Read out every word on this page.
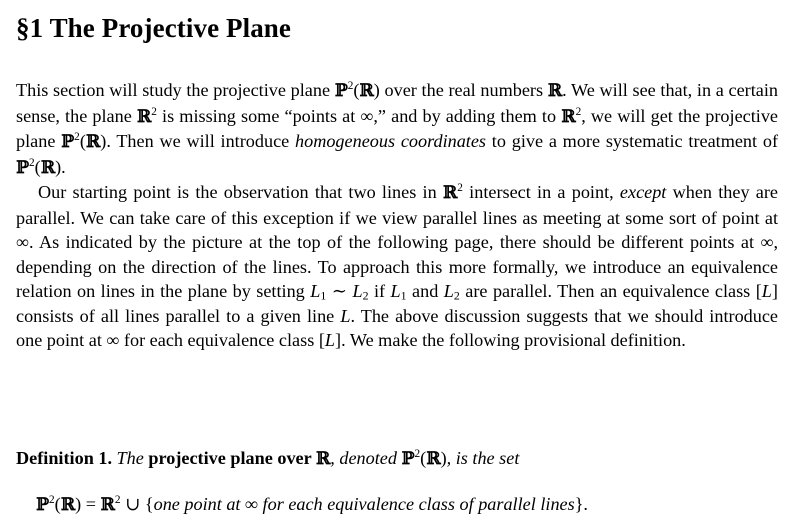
§1 The Projective Plane

This section will study the projective plane ℙ$^2$(ℝ) over the real numbers ℝ. We will see that, in a certain sense, the plane ℝ$^2$ is missing some “points at ∞,” and by adding them to ℝ$^2$, we will get the projective plane ℙ$^2$(ℝ). Then we will introduce homogeneous coordinates to give a more systematic treatment of ℙ$^2$(ℝ).

Our starting point is the observation that two lines in ℝ$^2$ intersect in a point, except when they are parallel. We can take care of this exception if we view parallel lines as meeting at some sort of point at ∞. As indicated by the picture at the top of the following page, there should be different points at ∞, depending on the direction of the lines. To approach this more formally, we introduce an equivalence relation on lines in the plane by setting $L_1$ ∼ $L_2$ if $L_1$ and $L_2$ are parallel. Then an equivalence class [L] consists of all lines parallel to a given line L. The above discussion suggests that we should introduce one point at ∞ for each equivalence class [L]. We make the following provisional definition.

Definition 1. The projective plane over ℝ, denoted ℙ$^2$(ℝ), is the set
ℙ$^2$(ℝ) = ℝ$^2$ ∪ {one point at ∞ for each equivalence class of parallel lines}.
